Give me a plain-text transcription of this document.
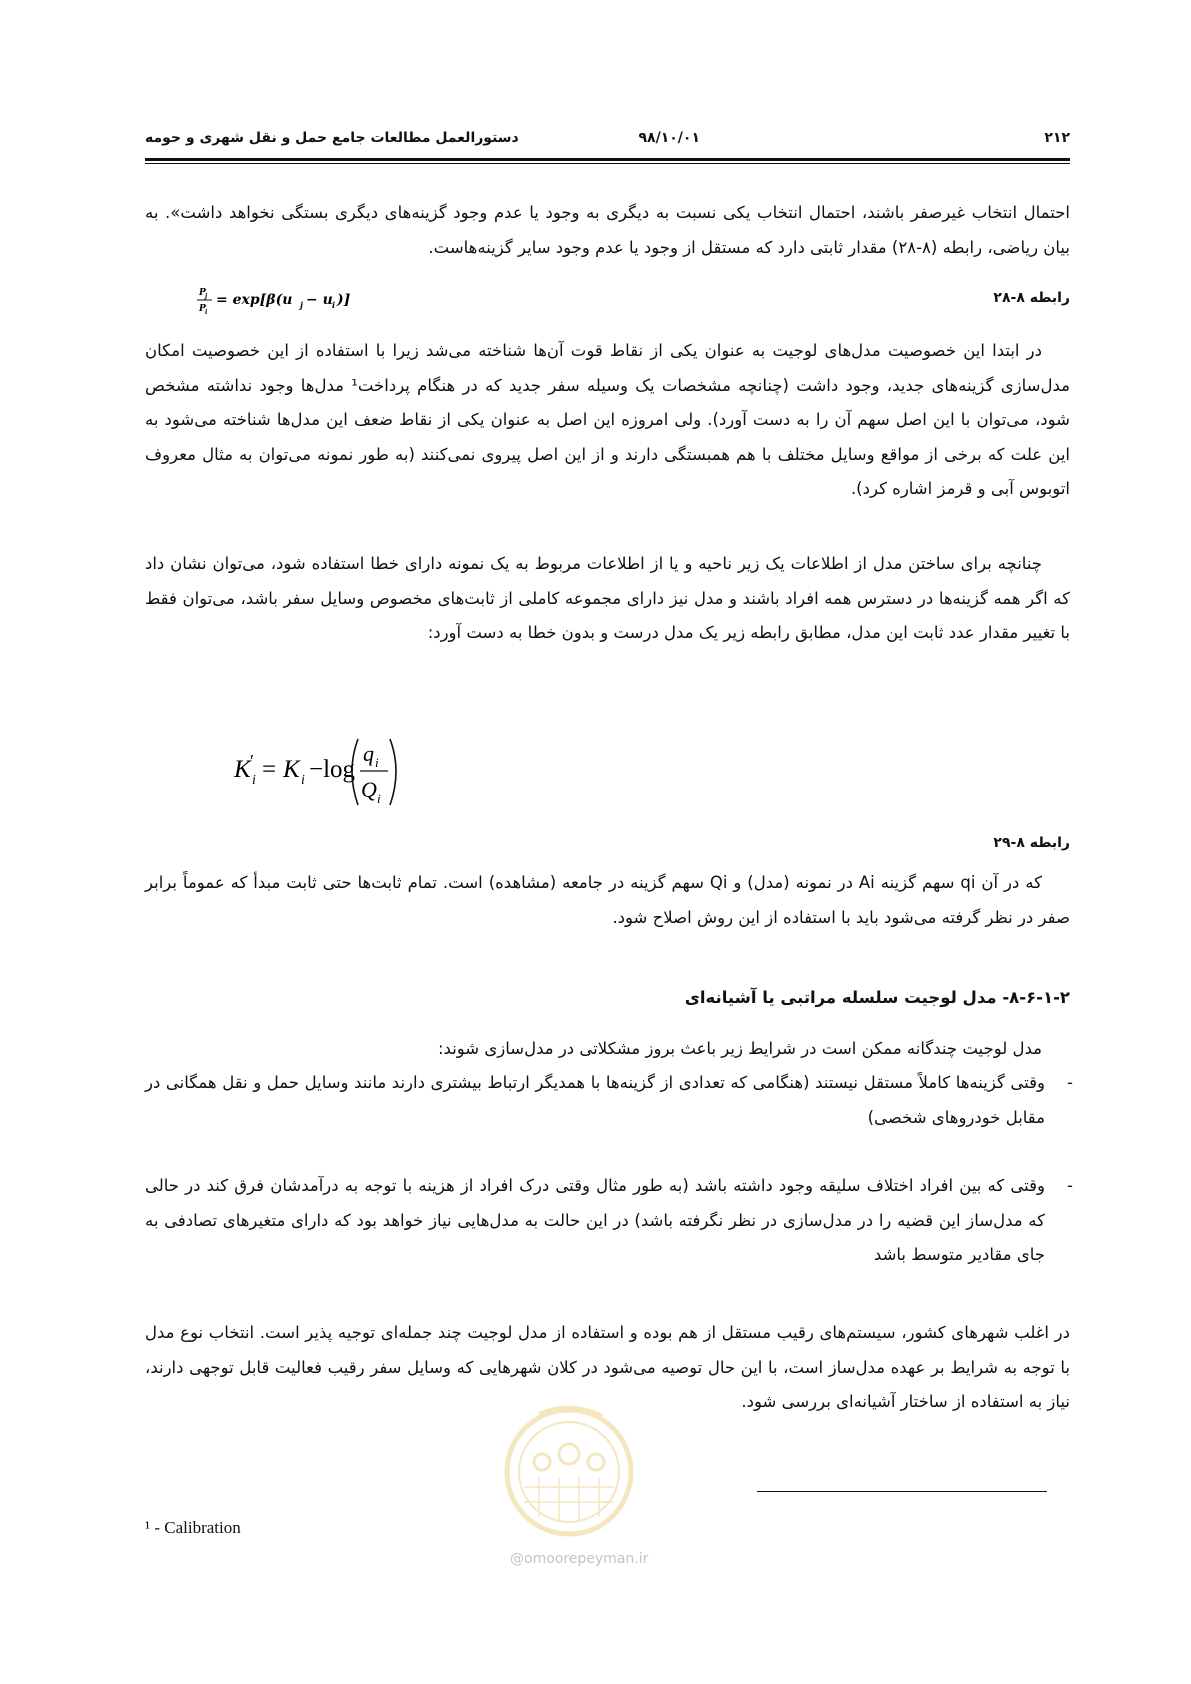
۲۱۲
۹۸/۱۰/۰۱
دستورالعمل مطالعات جامع حمل و نقل شهری و حومه
احتمال انتخاب غیرصفر باشند، احتمال انتخاب یکی نسبت به دیگری به وجود یا عدم وجود گزینه‌های دیگری بستگی نخواهد داشت». به بیان ریاضی، رابطه (۸-۲۸) مقدار ثابتی دارد که مستقل از وجود یا عدم وجود سایر گزینه‌هاست.
رابطه ۸-۲۸
P j
P i
= exp[β(u j − u i )]
در ابتدا این خصوصیت مدل‌های لوجیت به عنوان یکی از نقاط قوت آن‌ها شناخته می‌شد زیرا با استفاده از این خصوصیت امکان مدل‌سازی گزینه‌های جدید، وجود داشت (چنانچه مشخصات یک وسیله سفر جدید که در هنگام پرداخت¹ مدل‌ها وجود نداشته مشخص شود، می‌توان با این اصل سهم آن را به دست آورد). ولی امروزه این اصل به عنوان یکی از نقاط ضعف این مدل‌ها شناخته می‌شود به این علت که برخی از مواقع وسایل مختلف با هم همبستگی دارند و از این اصل پیروی نمی‌کنند (به طور نمونه می‌توان به مثال معروف اتوبوس آبی و قرمز اشاره کرد).
چنانچه برای ساختن مدل از اطلاعات یک زیر ناحیه و یا از اطلاعات مربوط به یک نمونه دارای خطا استفاده شود، می‌توان نشان داد که اگر همه گزینه‌ها در دسترس همه افراد باشند و مدل نیز دارای مجموعه کاملی از ثابت‌های مخصوص وسایل سفر باشد، می‌توان فقط با تغییر مقدار عدد ثابت این مدل، مطابق رابطه زیر یک مدل درست و بدون خطا به دست آورد:
K ′
i = K i −log
q i
Q i
رابطه ۸-۲۹
که در آن qi سهم گزینه Ai در نمونه (مدل) و Qi سهم گزینه در جامعه (مشاهده) است. تمام ثابت‌ها حتی ثابت مبدأ که عموماً برابر صفر در نظر گرفته می‌شود باید با استفاده از این روش اصلاح شود.
۸-۶-۱-۲- مدل لوجیت سلسله مراتبی یا آشیانه‌ای
مدل لوجیت چندگانه ممکن است در شرایط زیر باعث بروز مشکلاتی در مدل‌سازی شوند:
-
وقتی گزینه‌ها کاملاً مستقل نیستند (هنگامی که تعدادی از گزینه‌ها با همدیگر ارتباط بیشتری دارند مانند وسایل حمل و نقل همگانی در مقابل خودروهای شخصی)
-
وقتی که بین افراد اختلاف سلیقه وجود داشته باشد (به طور مثال وقتی درک افراد از هزینه با توجه به درآمدشان فرق کند در حالی که مدل‌ساز این قضیه را در مدل‌سازی در نظر نگرفته باشد) در این حالت به مدل‌هایی نیاز خواهد بود که دارای متغیرهای تصادفی به جای مقادیر متوسط باشد
در اغلب شهرهای کشور، سیستم‌های رقیب مستقل از هم بوده و استفاده از مدل لوجیت چند جمله‌ای توجیه پذیر است. انتخاب نوع مدل با توجه به شرایط بر عهده مدل‌ساز است، با این حال توصیه می‌شود در کلان شهرهایی که وسایل سفر رقیب فعالیت قابل توجهی دارند، نیاز به استفاده از ساختار آشیانه‌ای بررسی شود.
@omoorepeyman.ir
¹ - Calibration
